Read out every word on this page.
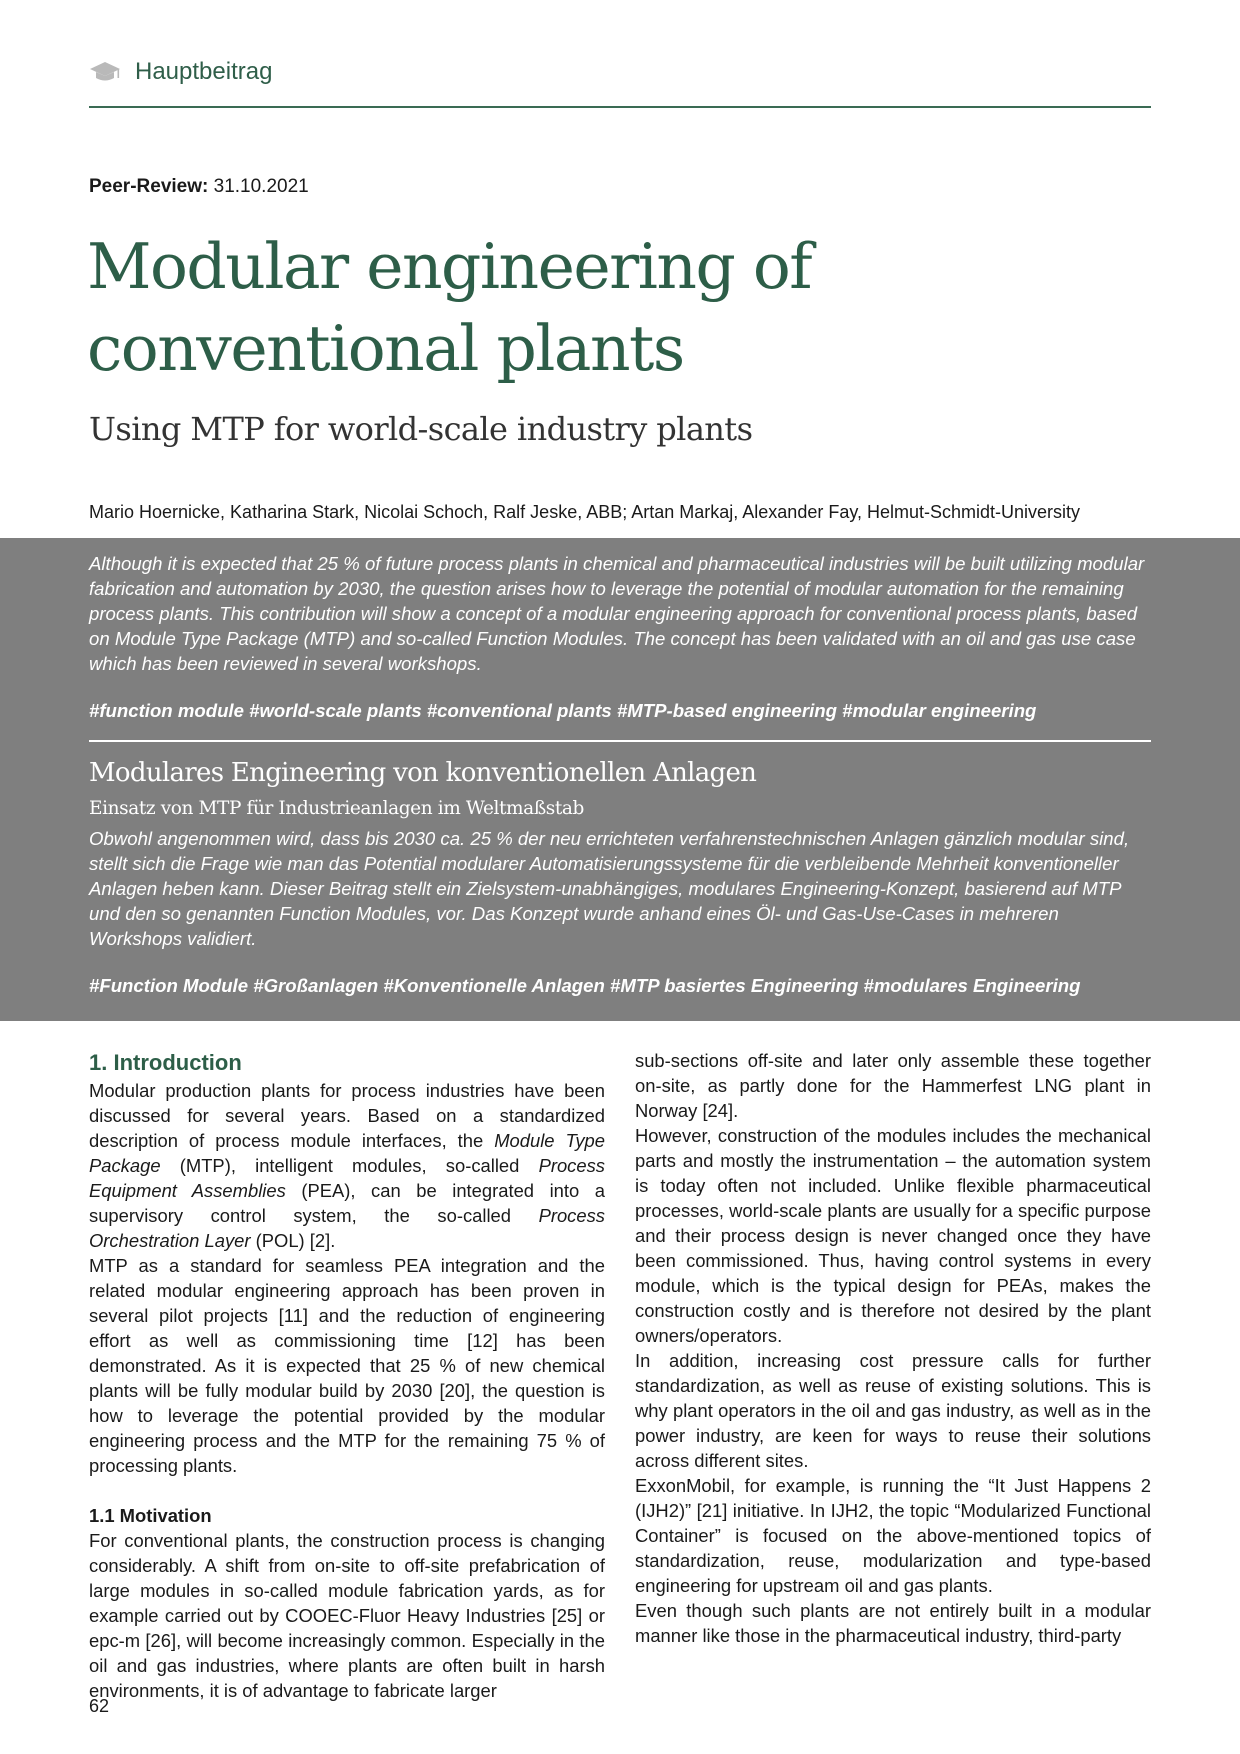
Hauptbeitrag
Peer-Review: 31.10.2021
Modular engineering of conventional plants
Using MTP for world-scale industry plants
Mario Hoernicke, Katharina Stark, Nicolai Schoch, Ralf Jeske, ABB; Artan Markaj, Alexander Fay, Helmut-Schmidt-University
Although it is expected that 25 % of future process plants in chemical and pharmaceutical industries will be built utilizing modular fabrication and automation by 2030, the question arises how to leverage the potential of modular automation for the remaining process plants. This contribution will show a concept of a modular engineering approach for conventional process plants, based on Module Type Package (MTP) and so-called Function Modules. The concept has been validated with an oil and gas use case which has been reviewed in several workshops.
#function module #world-scale plants #conventional plants #MTP-based engineering #modular engineering
Modulares Engineering von konventionellen Anlagen
Einsatz von MTP für Industrieanlagen im Weltmaßstab
Obwohl angenommen wird, dass bis 2030 ca. 25 % der neu errichteten verfahrenstechnischen Anlagen gänzlich modular sind, stellt sich die Frage wie man das Potential modularer Automatisierungssysteme für die verbleibende Mehrheit konventioneller Anlagen heben kann. Dieser Beitrag stellt ein Zielsystem-unabhängiges, modulares Engineering-Konzept, basierend auf MTP und den so genannten Function Modules, vor. Das Konzept wurde anhand eines Öl- und Gas-Use-Cases in mehreren Workshops validiert.
#Function Module #Großanlagen #Konventionelle Anlagen #MTP basiertes Engineering #modulares Engineering

1. Introduction

Modular production plants for process industries have been discussed for several years. Based on a standardized description of process module interfaces, the Module Type Package (MTP), intelligent modules, so-called Process Equipment Assemblies (PEA), can be integrated into a supervisory control system, the so-called Process Orchestration Layer (POL) [2].

MTP as a standard for seamless PEA integration and the related modular engineering approach has been proven in several pilot projects [11] and the reduction of engineering effort as well as commissioning time [12] has been demonstrated. As it is expected that 25 % of new chemical plants will be fully modular build by 2030 [20], the question is how to leverage the potential provided by the modular engineering process and the MTP for the remaining 75 % of processing plants.

1.1 Motivation

For conventional plants, the construction process is changing considerably. A shift from on-site to off-site prefabrication of large modules in so-called module fabrication yards, as for example carried out by COOEC-Fluor Heavy Industries [25] or epc-m [26], will become increasingly common. Especially in the oil and gas industries, where plants are often built in harsh environments, it is of advantage to fabricate larger

sub-sections off-site and later only assemble these together on-site, as partly done for the Hammerfest LNG plant in Norway [24].

However, construction of the modules includes the mechanical parts and mostly the instrumentation – the automation system is today often not included. Unlike flexible pharmaceutical processes, world-scale plants are usually for a specific purpose and their process design is never changed once they have been commissioned. Thus, having control systems in every module, which is the typical design for PEAs, makes the construction costly and is therefore not desired by the plant owners/operators.

In addition, increasing cost pressure calls for further standardization, as well as reuse of existing solutions. This is why plant operators in the oil and gas industry, as well as in the power industry, are keen for ways to reuse their solutions across different sites.

ExxonMobil, for example, is running the “It Just Happens 2 (IJH2)” [21] initiative. In IJH2, the topic “Modularized Functional Container” is focused on the above-mentioned topics of standardization, reuse, modularization and type-based engineering for upstream oil and gas plants.

Even though such plants are not entirely built in a modular manner like those in the pharmaceutical industry, third-party

62
